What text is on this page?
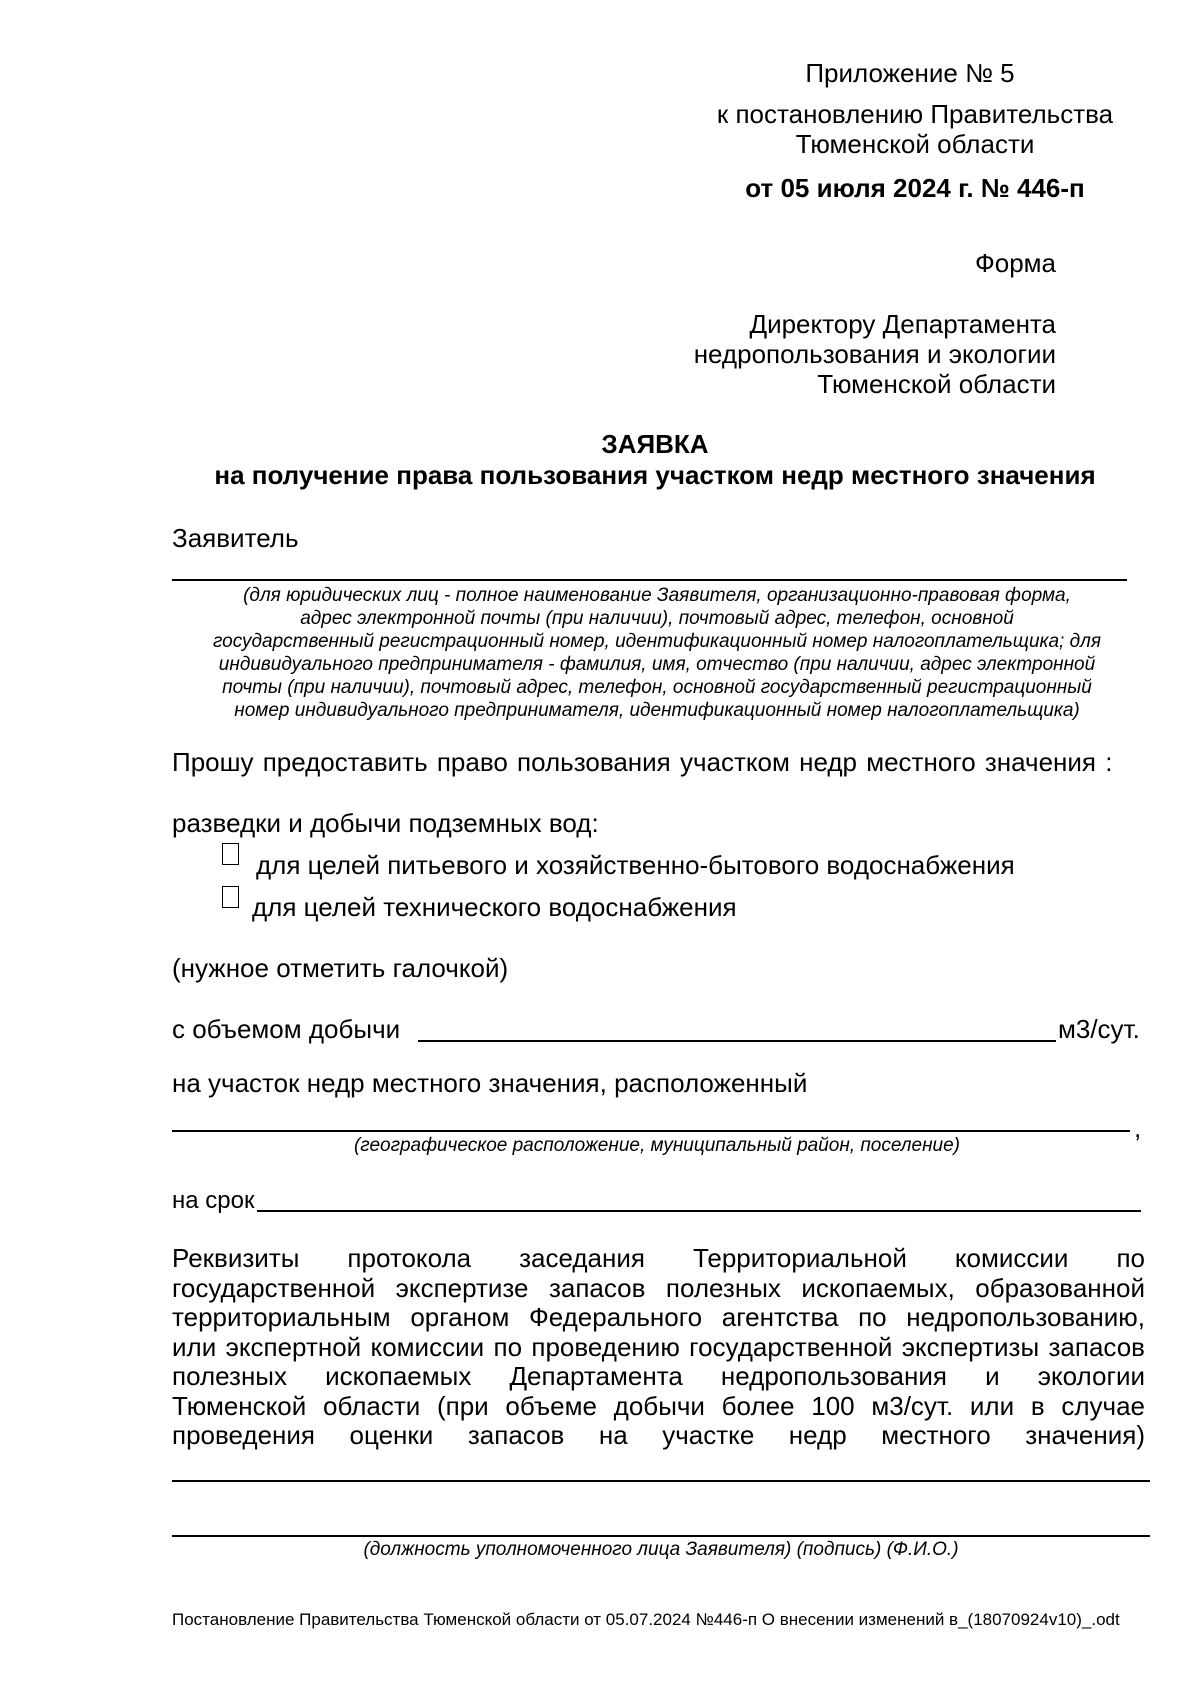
Приложение № 5
к постановлению Правительства
Тюменской области
от 05 июля 2024 г. № 446-п
Форма
Директору Департамента
недропользования и экологии
Тюменской области
ЗАЯВКА
на получение права пользования участком недр местного значения
Заявитель
(для юридических лиц - полное наименование Заявителя, организационно-правовая форма,
адрес электронной почты (при наличии), почтовый адрес, телефон, основной
государственный регистрационный номер, идентификационный номер налогоплательщика; для
индивидуального предпринимателя - фамилия, имя, отчество (при наличии, адрес электронной
почты (при наличии), почтовый адрес, телефон, основной государственный регистрационный
номер индивидуального предпринимателя, идентификационный номер налогоплательщика)
Прошу предоставить право пользования участком недр местного значения :
разведки и добычи подземных вод:
для целей питьевого и хозяйственно-бытового водоснабжения
для целей технического водоснабжения
(нужное отметить галочкой)
с объемом добычи	м3/сут.
на участок недр местного значения, расположенный
,
(географическое расположение, муниципальный район, поселение)
на срок
Реквизиты протокола заседания Территориальной комиссии по
государственной экспертизе запасов полезных ископаемых, образованной
территориальным органом Федерального агентства по недропользованию,
или экспертной комиссии по проведению государственной экспертизы запасов
полезных ископаемых Департамента недропользования и экологии
Тюменской области (при объеме добычи более 100 м3/сут. или в случае
проведения оценки запасов на участке недр местного значения)
(должность уполномоченного лица Заявителя) (подпись) (Ф.И.О.)
Постановление Правительства Тюменской области от 05.07.2024 №446-п О внесении изменений в_(18070924v10)_.odt
